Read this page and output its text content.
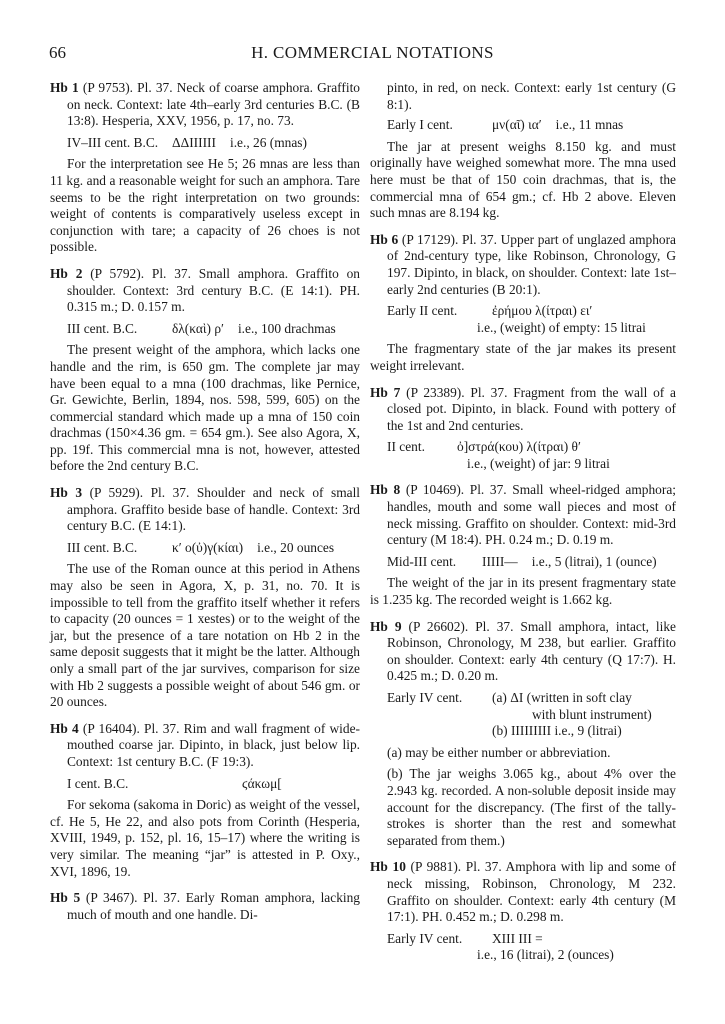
66	H. COMMERCIAL NOTATIONS
Hb 1 (P 9753). Pl. 37. Neck of coarse amphora. Graffito on neck. Context: late 4th–early 3rd centuries B.C. (B 13:8). Hesperia, XXV, 1956, p. 17, no. 73.
IV–III cent. B.C.	ΔΔΙΙΙΙΙΙ i.e., 26 (mnas)
For the interpretation see He 5; 26 mnas are less than 11 kg. and a reasonable weight for such an amphora. Tare seems to be the right interpretation on two grounds: weight of contents is comparatively useless except in conjunction with tare; a capacity of 26 choes is not possible.
Hb 2 (P 5792). Pl. 37. Small amphora. Graffito on shoulder. Context: 3rd century B.C. (E 14:1). PH. 0.315 m.; D. 0.157 m.
III cent. B.C.	δλ(καὶ) ρ′ i.e., 100 drachmas
The present weight of the amphora, which lacks one handle and the rim, is 650 gm. The complete jar may have been equal to a mna (100 drachmas, like Pernice, Gr. Gewichte, Berlin, 1894, nos. 598, 599, 605) on the commercial standard which made up a mna of 150 coin drachmas (150×4.36 gm. = 654 gm.). See also Agora, X, pp. 19f. This commercial mna is not, however, attested before the 2nd century B.C.
Hb 3 (P 5929). Pl. 37. Shoulder and neck of small amphora. Graffito beside base of handle. Context: 3rd century B.C. (E 14:1).
III cent. B.C.	κ′ ο(ὐ)γ(κίαι) i.e., 20 ounces
The use of the Roman ounce at this period in Athens may also be seen in Agora, X, p. 31, no. 70. It is impossible to tell from the graffito itself whether it refers to capacity (20 ounces = 1 xestes) or to the weight of the jar, but the presence of a tare notation on Hb 2 in the same deposit suggests that it might be the latter. Although only a small part of the jar survives, comparison for size with Hb 2 suggests a possible weight of about 546 gm. or 20 ounces.
Hb 4 (P 16404). Pl. 37. Rim and wall fragment of wide-mouthed coarse jar. Dipinto, in black, just below lip. Context: 1st century B.C. (F 19:3).
I cent. B.C.	ϛάκωμ[
For sekoma (sakoma in Doric) as weight of the vessel, cf. He 5, He 22, and also pots from Corinth (Hesperia, XVIII, 1949, p. 152, pl. 16, 15–17) where the writing is very similar. The meaning “jar” is attested in P. Oxy., XVI, 1896, 19.
Hb 5 (P 3467). Pl. 37. Early Roman amphora, lacking much of mouth and one handle. Di-
pinto, in red, on neck. Context: early 1st century (G 8:1).
Early I cent.	μν(αῖ) ια′ i.e., 11 mnas
The jar at present weighs 8.150 kg. and must originally have weighed somewhat more. The mna used here must be that of 150 coin drachmas, that is, the commercial mna of 654 gm.; cf. Hb 2 above. Eleven such mnas are 8.194 kg.
Hb 6 (P 17129). Pl. 37. Upper part of unglazed amphora of 2nd-century type, like Robinson, Chronology, G 197. Dipinto, in black, on shoulder. Context: late 1st–early 2nd centuries (B 20:1).
Early II cent.	ἐρήμου λ(ίτραι) ει′
i.e., (weight) of empty: 15 litrai
The fragmentary state of the jar makes its present weight irrelevant.
Hb 7 (P 23389). Pl. 37. Fragment from the wall of a closed pot. Dipinto, in black. Found with pottery of the 1st and 2nd centuries.
II cent.	ὀ]στρά(κου) λ(ίτραι) θ′
i.e., (weight) of jar: 9 litrai
Hb 8 (P 10469). Pl. 37. Small wheel-ridged amphora; handles, mouth and some wall pieces and most of neck missing. Graffito on shoulder. Context: mid-3rd century (M 18:4). PH. 0.24 m.; D. 0.19 m.
Mid-III cent.	ΙΙΙΙΙ— i.e., 5 (litrai), 1 (ounce)
The weight of the jar in its present fragmentary state is 1.235 kg. The recorded weight is 1.662 kg.
Hb 9 (P 26602). Pl. 37. Small amphora, intact, like Robinson, Chronology, M 238, but earlier. Graffito on shoulder. Context: early 4th century (Q 17:7). H. 0.425 m.; D. 0.20 m.
Early IV cent.	(a) ΔΙ (written in soft clay
with blunt instrument)
(b) ΙΙΙΙΙΙΙΙΙ i.e., 9 (litrai)
(a) may be either number or abbreviation.
(b) The jar weighs 3.065 kg., about 4% over the 2.943 kg. recorded. A non-soluble deposit inside may account for the discrepancy. (The first of the tally-strokes is shorter than the rest and somewhat separated from them.)
Hb 10 (P 9881). Pl. 37. Amphora with lip and some of neck missing, Robinson, Chronology, M 232. Graffito on shoulder. Context: early 4th century (M 17:1). PH. 0.452 m.; D. 0.298 m.
Early IV cent.	ΧΙΙΙ ΙΙΙ =
i.e., 16 (litrai), 2 (ounces)
